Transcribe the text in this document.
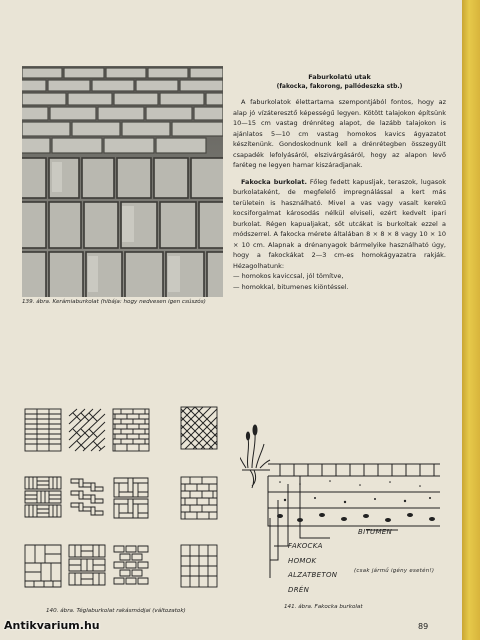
139. ábra. Kerámiaburkolat (hibája: hogy nedvesen igen csúszós)

Faburkolatú utak

(fakocka, fakorong, pallódeszka stb.)

A faburkolatok élettartama szempontjából fontos, hogy az alap jó vízáteresztő képességű legyen. Kötött talajokon építsünk 10—15 cm vastag drénréteg alapot, de lazább talajokon is ajánlatos 5—10 cm vastag homokos kavics ágyazatot készítenünk. Gondoskodnunk kell a drénrétegben összegyűlt csapadék lefolyásáról, elszivárgásáról, hogy az alapon levő faréteg ne legyen hamar kiszáradjanak.

Fakocka burkolat. Főleg fedett kapusljak, teraszok, lugasok burkolataként, de megfelelő impregnálással a kert más területein is használható. Mivel a vas vagy vasalt kerekű kocsiforgalmat károsodás nélkül elviseli, ezért kedvelt ipari burkolat. Régen kapualjakat, sőt utcákat is burkoltak ezzel a módszerrel. A fakocka mérete általában 8 × 8 × 8 vagy 10 × 10 × 10 cm. Alapnak a drénanyagok bármelyike használható úgy, hogy a fakockákat 2—3 cm-es homokágyazatra rakják. Hézagolhatunk:

— homokos kaviccsal, jól tömítve,

— homokkal, bitumenes kiöntéssel.

140. ábra. Téglaburkolat rakásmódjai (változatok)
BITUMEN
FAKOCKA
HOMOK
ALZATBETON	(csak jármű igény esetén!)
DRÉN
141. ábra. Fakocka burkolat
89
Antikvarium.hu
